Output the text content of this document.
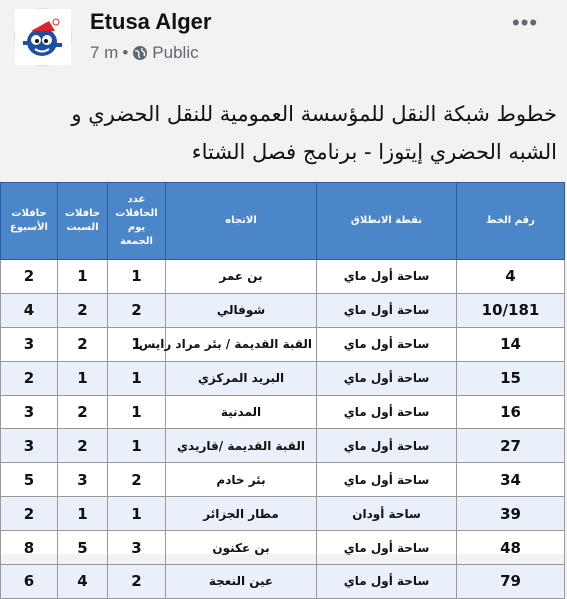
Etusa Alger
7 m • Public
•••
خطوط شبكة النقل للمؤسسة العمومية للنقل الحضري و
الشبه الحضري إيتوزا - برنامج فصل الشتاء
رقم الخط	نقطة الانطلاق	الاتجاه	عدد الحافلات يوم الجمعة	حافلات السبت	حافلات الأسبوع
4	ساحة أول ماي	بن عمر	1	1	2
10/181	ساحة أول ماي	شوفالي	2	2	4
14	ساحة أول ماي	القبة القديمة / بئر مراد رايس	1	2	3
15	ساحة أول ماي	البريد المركزي	1	1	2
16	ساحة أول ماي	المدنية	1	2	3
27	ساحة أول ماي	القبة القديمة /قاريدي	1	2	3
34	ساحة أول ماي	بئر خادم	2	3	5
39	ساحة أودان	مطار الجزائر	1	1	2
48	ساحة أول ماي	بن عكنون	3	5	8
79	ساحة أول ماي	عين النعجة	2	4	6
